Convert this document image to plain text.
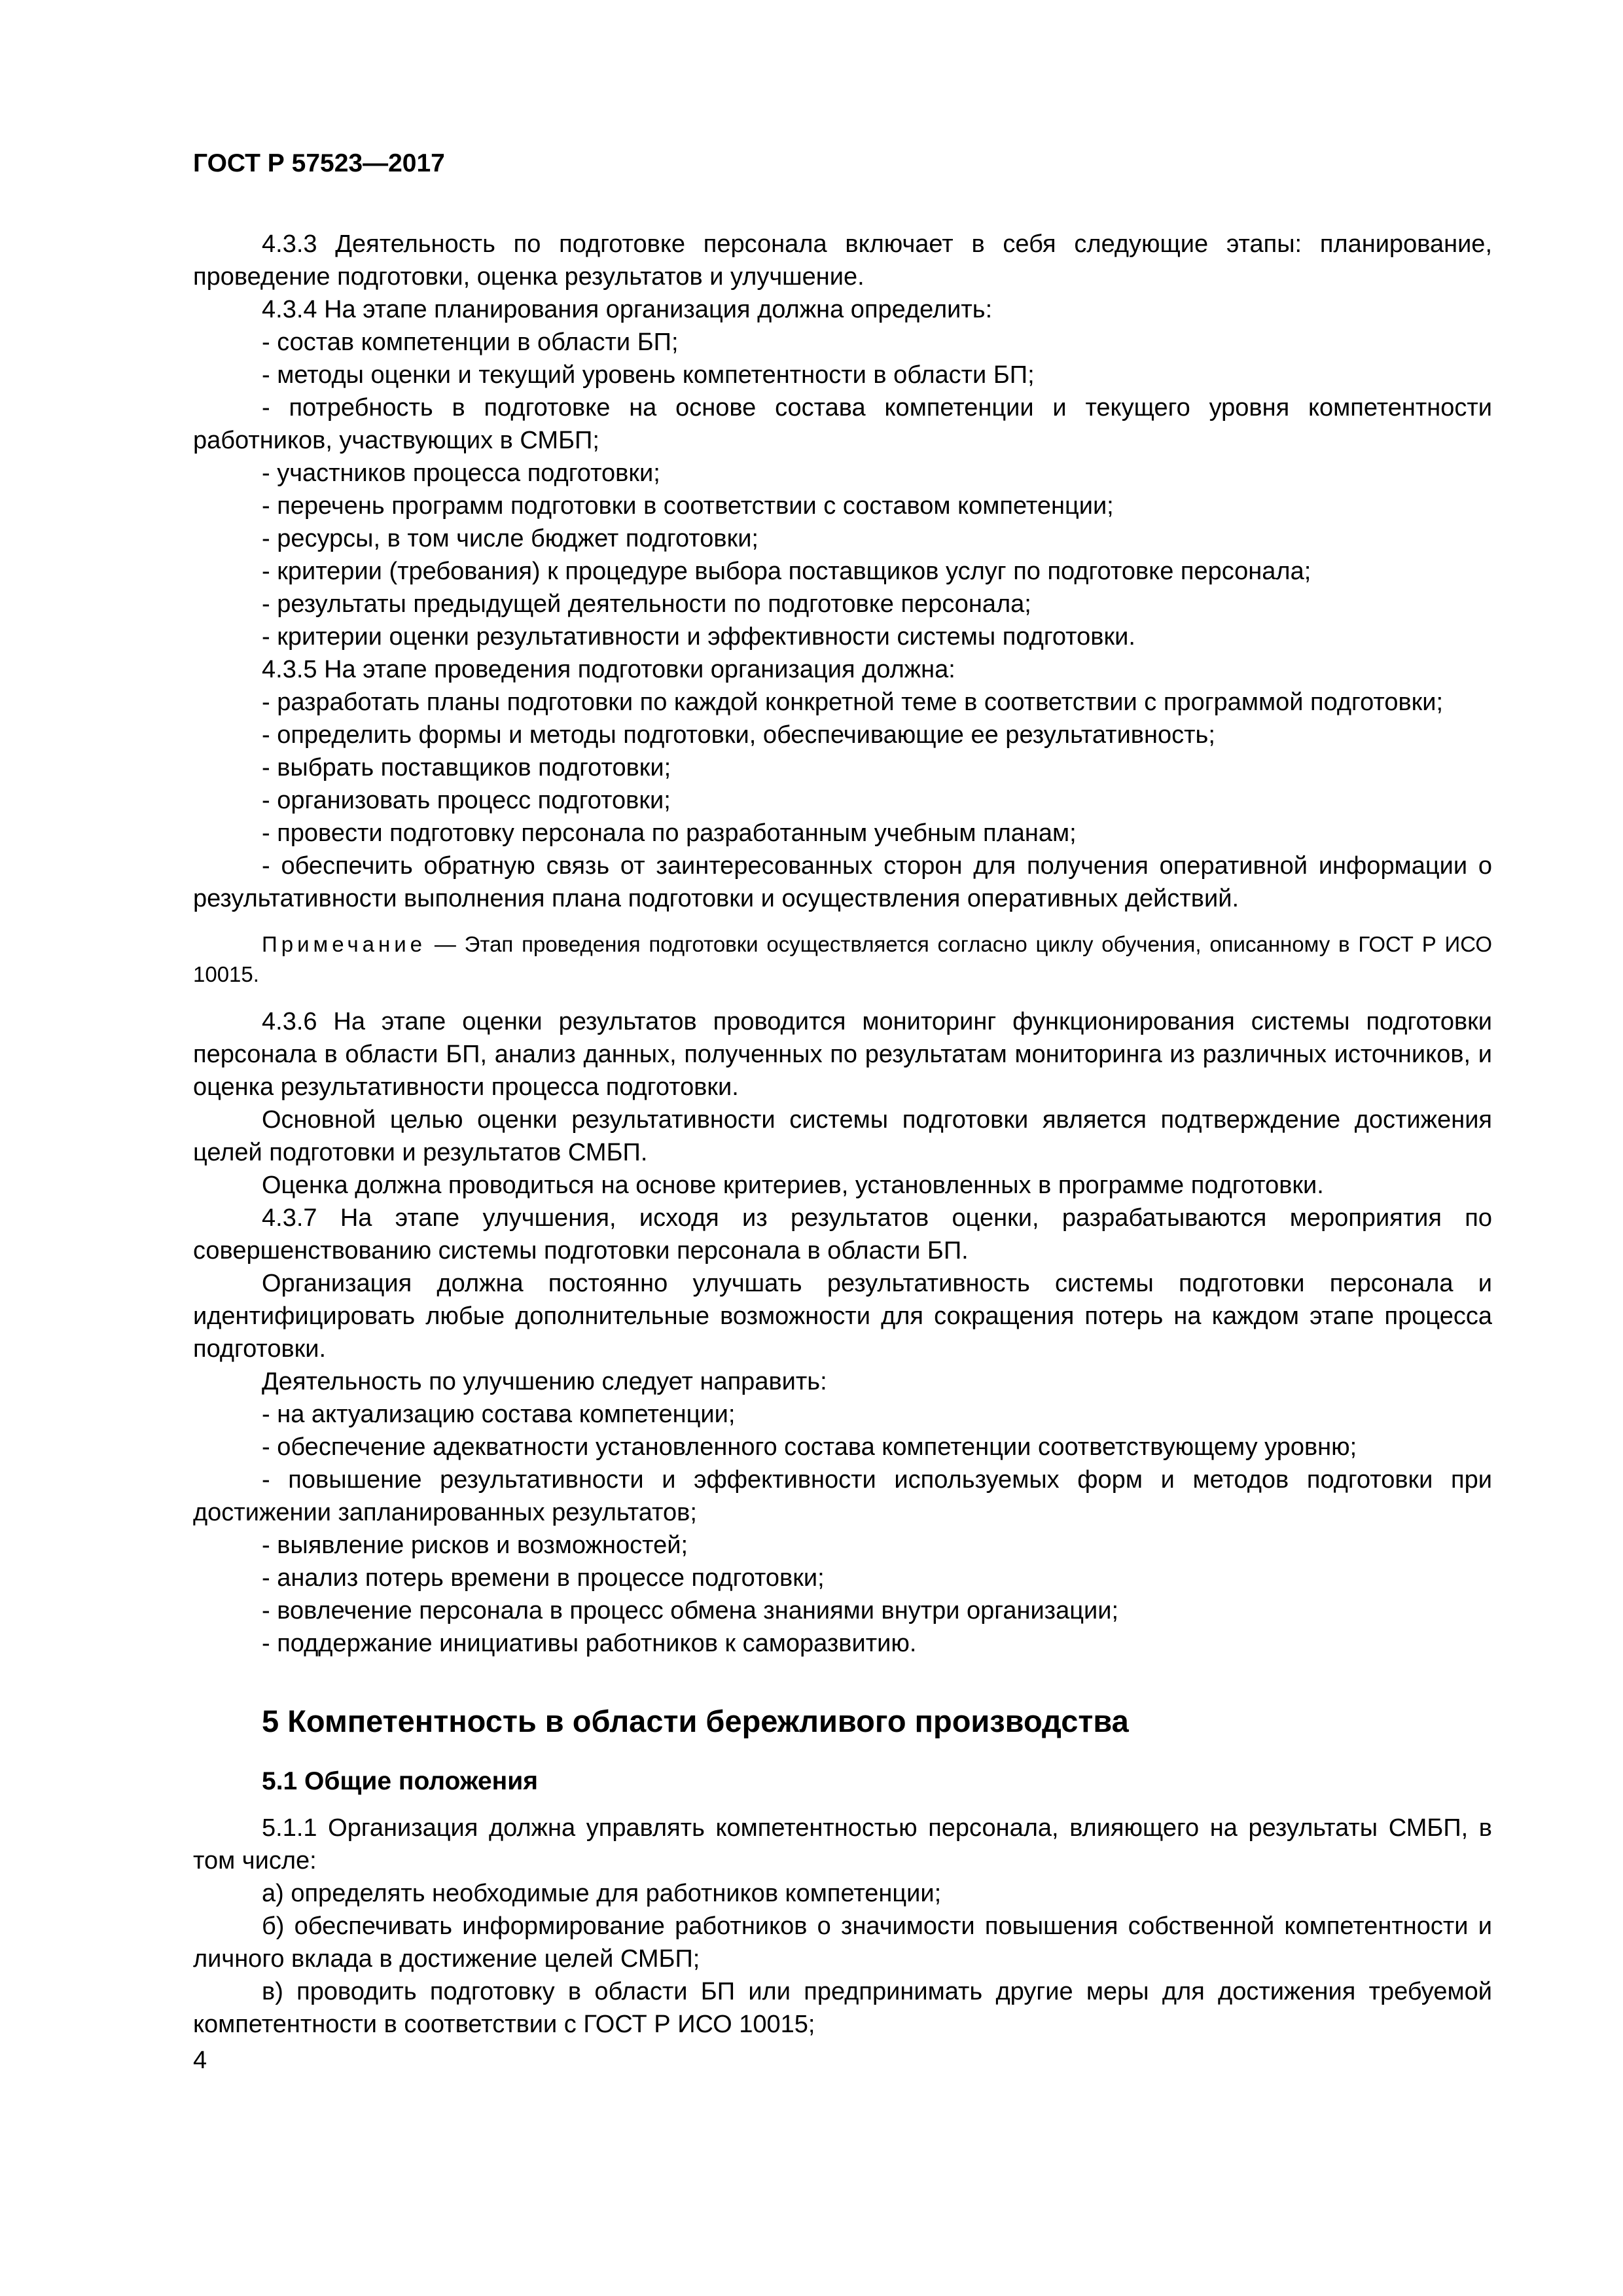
ГОСТ Р 57523—2017

4.3.3 Деятельность по подготовке персонала включает в себя следующие этапы: планирование, проведение подготовки, оценка результатов и улучшение.

4.3.4 На этапе планирования организация должна определить:

- состав компетенции в области БП;

- методы оценки и текущий уровень компетентности в области БП;

- потребность в подготовке на основе состава компетенции и текущего уровня компетентности работников, участвующих в СМБП;

- участников процесса подготовки;

- перечень программ подготовки в соответствии с составом компетенции;

- ресурсы, в том числе бюджет подготовки;

- критерии (требования) к процедуре выбора поставщиков услуг по подготовке персонала;

- результаты предыдущей деятельности по подготовке персонала;

- критерии оценки результативности и эффективности системы подготовки.

4.3.5 На этапе проведения подготовки организация должна:

- разработать планы подготовки по каждой конкретной теме в соответствии с программой подготовки;

- определить формы и методы подготовки, обеспечивающие ее результативность;

- выбрать поставщиков подготовки;

- организовать процесс подготовки;

- провести подготовку персонала по разработанным учебным планам;

- обеспечить обратную связь от заинтересованных сторон для получения оперативной информации о результативности выполнения плана подготовки и осуществления оперативных действий.

Примечание — Этап проведения подготовки осуществляется согласно циклу обучения, описанному в ГОСТ Р ИСО 10015.

4.3.6 На этапе оценки результатов проводится мониторинг функционирования системы подготовки персонала в области БП, анализ данных, полученных по результатам мониторинга из различных источников, и оценка результативности процесса подготовки.

Основной целью оценки результативности системы подготовки является подтверждение достижения целей подготовки и результатов СМБП.

Оценка должна проводиться на основе критериев, установленных в программе подготовки.

4.3.7 На этапе улучшения, исходя из результатов оценки, разрабатываются мероприятия по совершенствованию системы подготовки персонала в области БП.

Организация должна постоянно улучшать результативность системы подготовки персонала и идентифицировать любые дополнительные возможности для сокращения потерь на каждом этапе процесса подготовки.

Деятельность по улучшению следует направить:

- на актуализацию состава компетенции;

- обеспечение адекватности установленного состава компетенции соответствующему уровню;

- повышение результативности и эффективности используемых форм и методов подготовки при достижении запланированных результатов;

- выявление рисков и возможностей;

- анализ потерь времени в процессе подготовки;

- вовлечение персонала в процесс обмена знаниями внутри организации;

- поддержание инициативы работников к саморазвитию.

5 Компетентность в области бережливого производства
5.1 Общие положения

5.1.1 Организация должна управлять компетентностью персонала, влияющего на результаты СМБП, в том числе:

а) определять необходимые для работников компетенции;

б) обеспечивать информирование работников о значимости повышения собственной компетентности и личного вклада в достижение целей СМБП;

в) проводить подготовку в области БП или предпринимать другие меры для достижения требуемой компетентности в соответствии с ГОСТ Р ИСО 10015;

4
